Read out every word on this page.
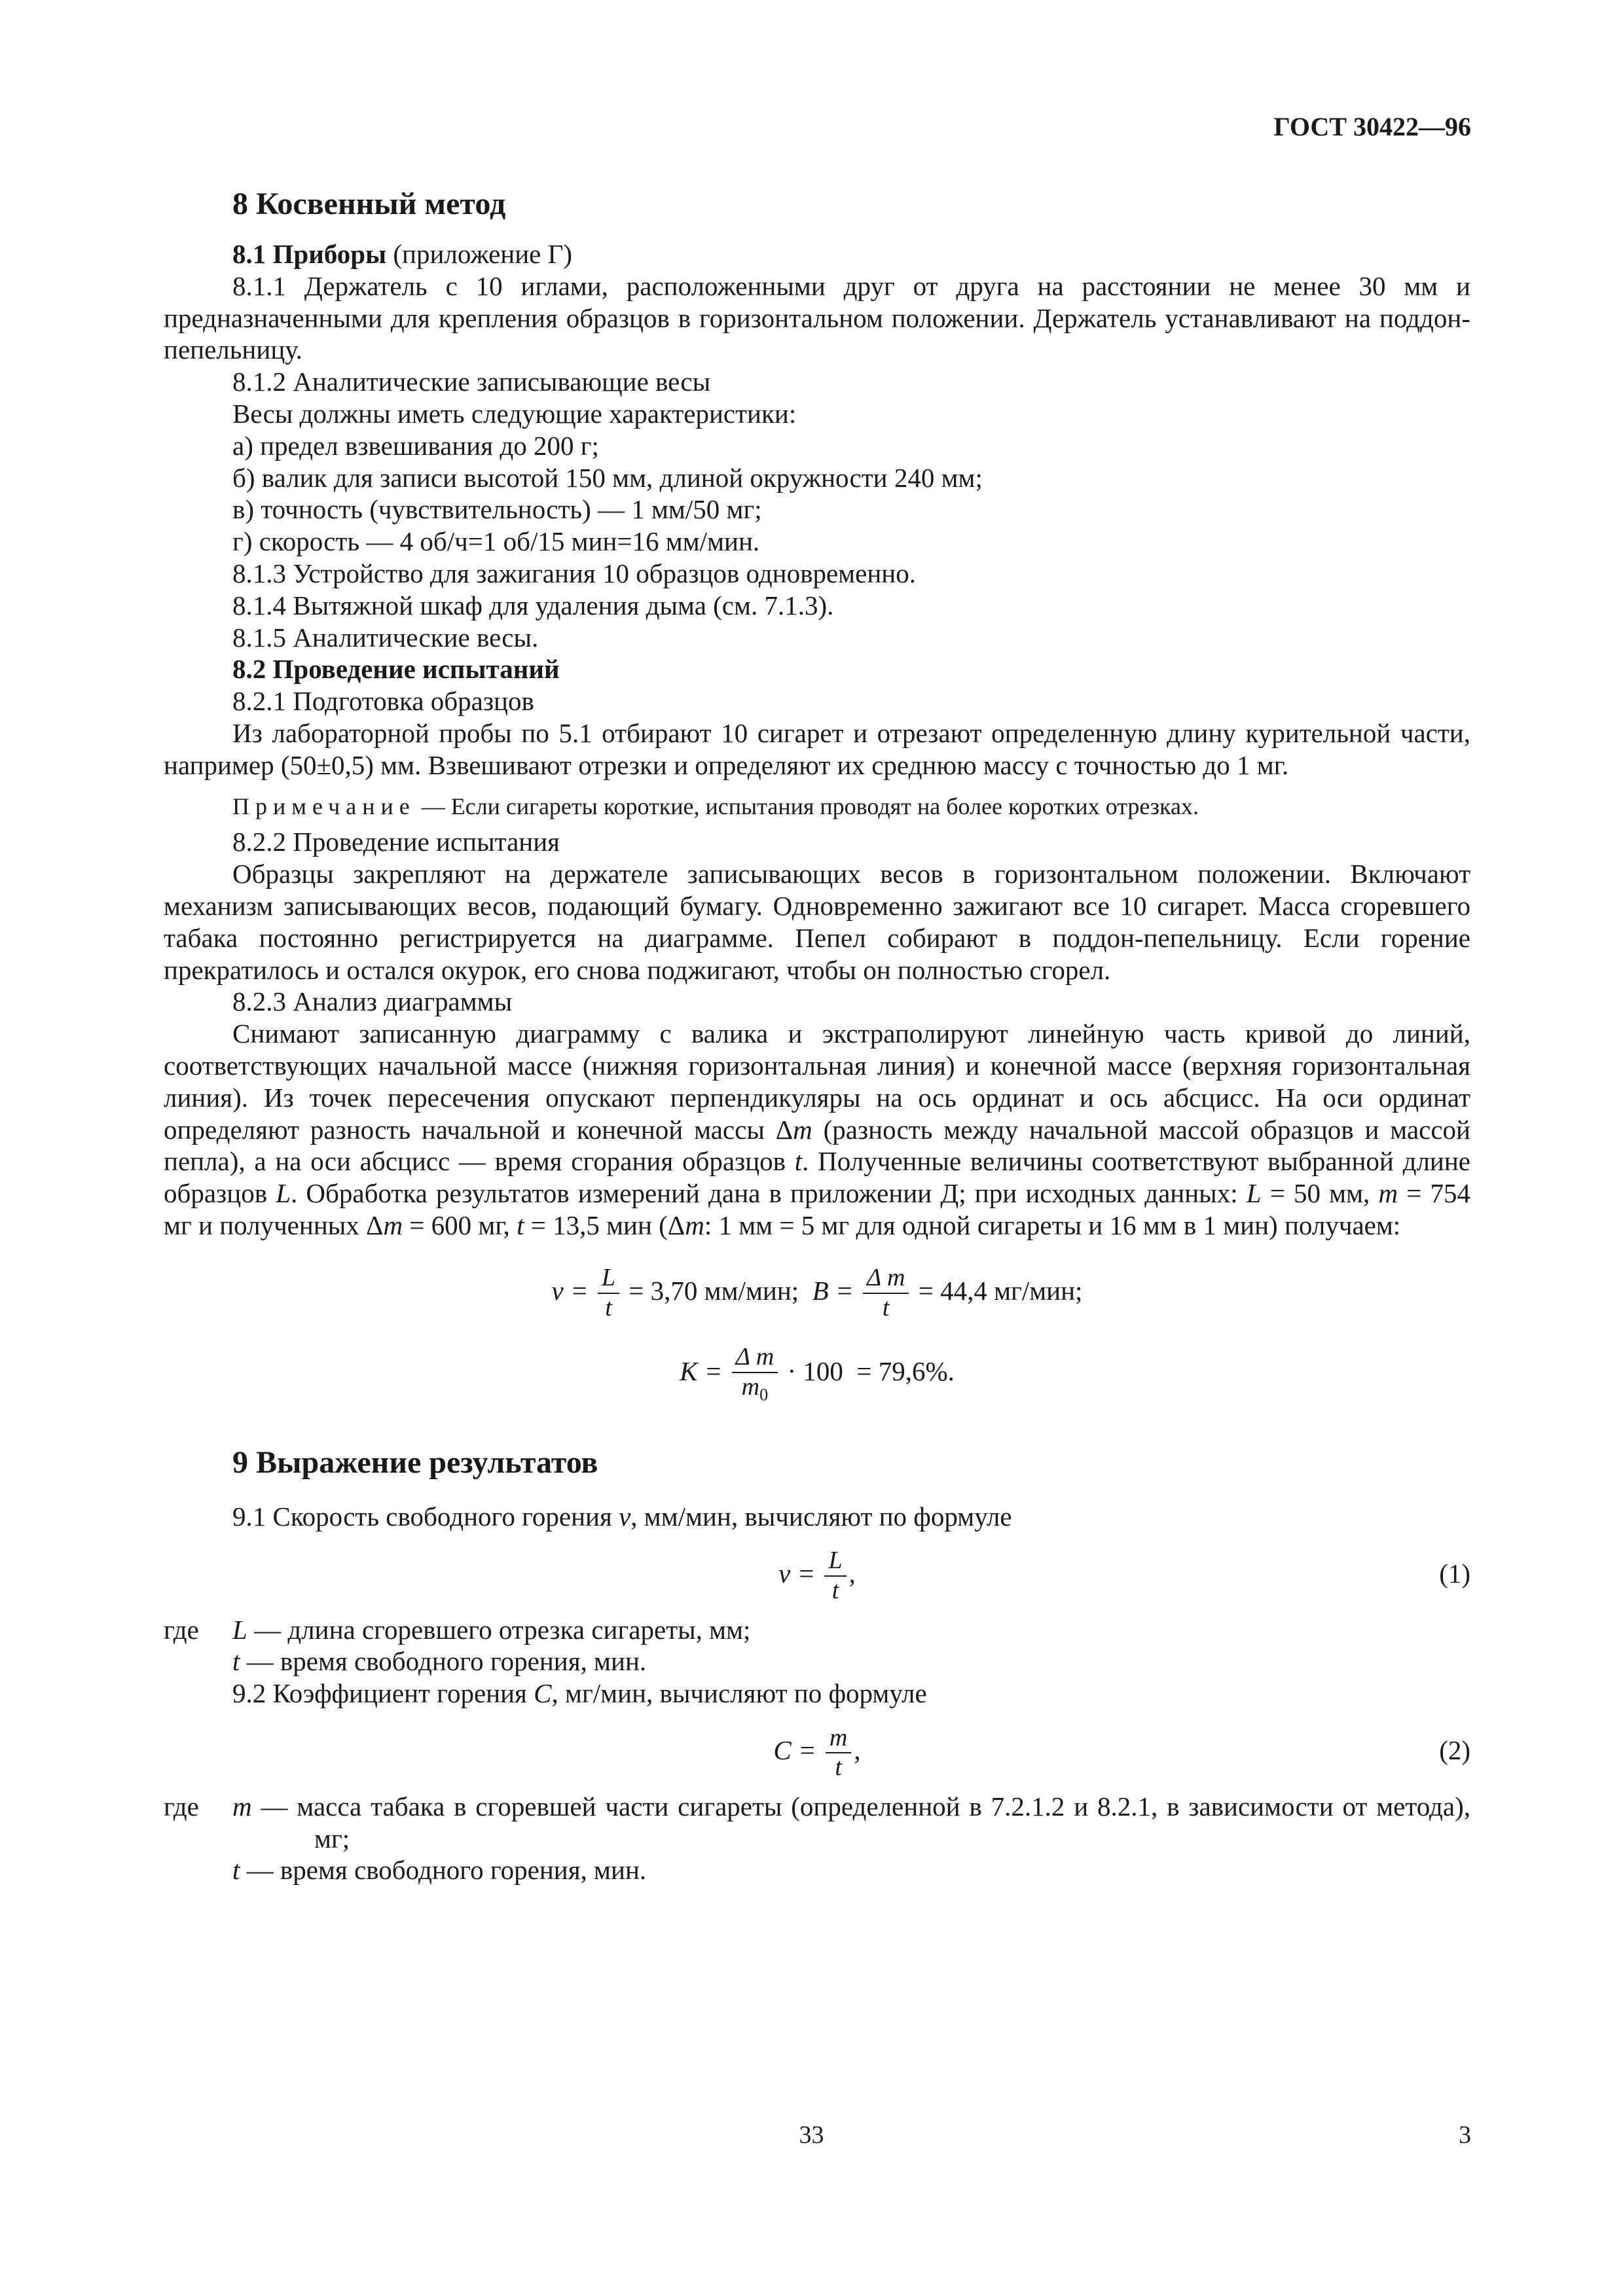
ГОСТ 30422—96
8 Косвенный метод

8.1 Приборы (приложение Г)

8.1.1 Держатель с 10 иглами, расположенными друг от друга на расстоянии не менее 30 мм и предназначенными для крепления образцов в горизонтальном положении. Держатель устанавливают на поддон-пепельницу.

8.1.2 Аналитические записывающие весы

Весы должны иметь следующие характеристики:

а) предел взвешивания до 200 г;

б) валик для записи высотой 150 мм, длиной окружности 240 мм;

в) точность (чувствительность) — 1 мм/50 мг;

г) скорость — 4 об/ч=1 об/15 мин=16 мм/мин.

8.1.3 Устройство для зажигания 10 образцов одновременно.

8.1.4 Вытяжной шкаф для удаления дыма (см. 7.1.3).

8.1.5 Аналитические весы.

8.2 Проведение испытаний

8.2.1 Подготовка образцов

Из лабораторной пробы по 5.1 отбирают 10 сигарет и отрезают определенную длину курительной части, например (50±0,5) мм. Взвешивают отрезки и определяют их среднюю массу с точностью до 1 мг.

Примечание — Если сигареты короткие, испытания проводят на более коротких отрезках.

8.2.2 Проведение испытания

Образцы закрепляют на держателе записывающих весов в горизонтальном положении. Включают механизм записывающих весов, подающий бумагу. Одновременно зажигают все 10 сигарет. Масса сгоревшего табака постоянно регистрируется на диаграмме. Пепел собирают в поддон-пепельницу. Если горение прекратилось и остался окурок, его снова поджигают, чтобы он полностью сгорел.

8.2.3 Анализ диаграммы

Снимают записанную диаграмму с валика и экстраполируют линейную часть кривой до линий, соответствующих начальной массе (нижняя горизонтальная линия) и конечной массе (верхняя горизонтальная линия). Из точек пересечения опускают перпендикуляры на ось ординат и ось абсцисс. На оси ординат определяют разность начальной и конечной массы Δm (разность между начальной массой образцов и массой пепла), а на оси абсцисс — время сгорания образцов t. Полученные величины соответствуют выбранной длине образцов L. Обработка результатов измерений дана в приложении Д; при исходных данных: L = 50 мм, m = 754 мг и полученных Δm = 600 мг, t = 13,5 мин (Δm: 1 мм = 5 мг для одной сигареты и 16 мм в 1 мин) получаем:

$v = \frac{L}{t} = 3,70$ мм/мин; $B = \frac{\text{Δ m}}{t} = 44,4$ мг/мин;
$K = \frac{\text{Δ m}}{m_0} \cdot 100 = 79,6\%$.
9 Выражение результатов

9.1 Скорость свободного горения v, мм/мин, вычисляют по формуле

$v = \frac{L}{t}$ ,	(1)
где	L — длина сгоревшего отрезка сигареты, мм;

t — время свободного горения, мин.

9.2 Коэффициент горения C, мг/мин, вычисляют по формуле

$C = \frac{m}{t}$ ,	(2)
где	m — масса табака в сгоревшей части сигареты (определенной в 7.2.1.2 и 8.2.1, в зависимости от метода), мг;

t — время свободного горения, мин.

33	3
